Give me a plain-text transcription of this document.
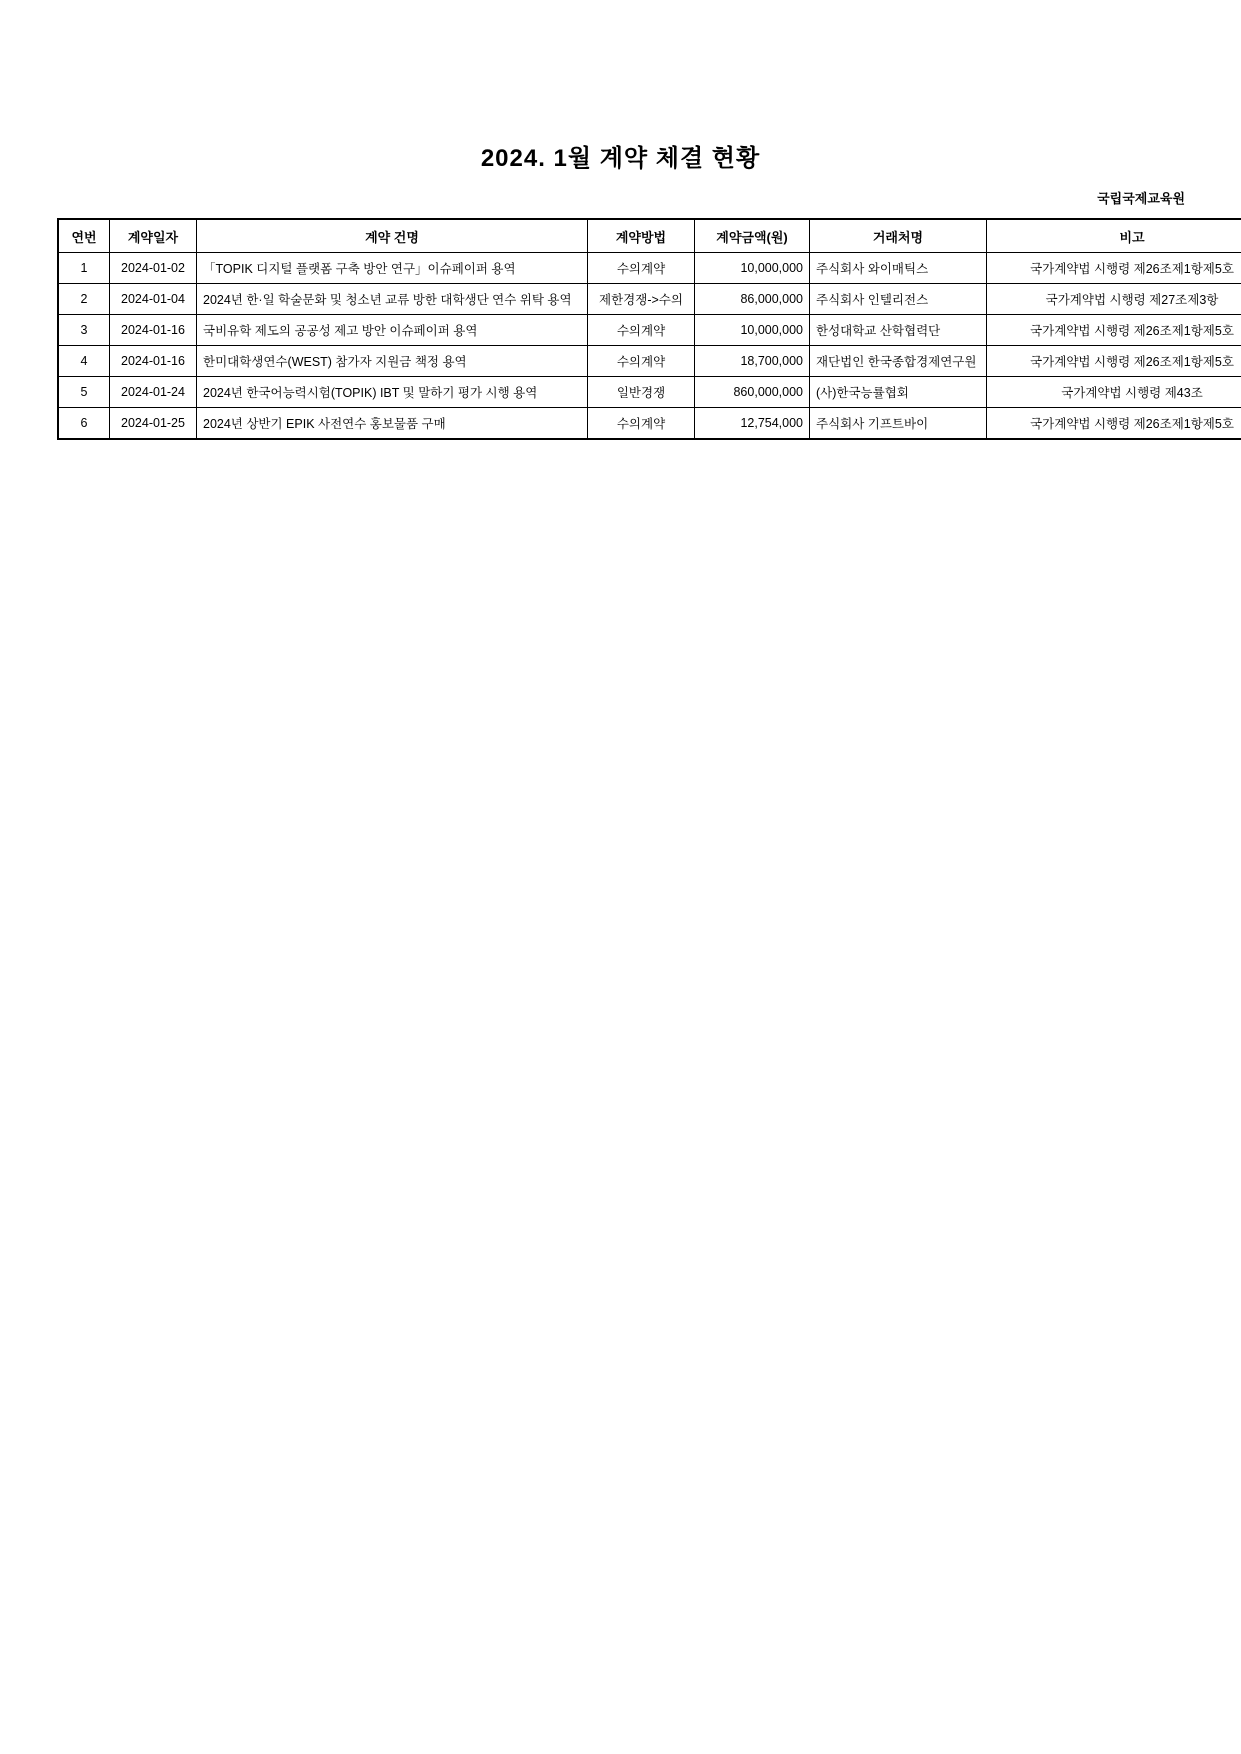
2024. 1월 계약 체결 현황
국립국제교육원
연번	계약일자	계약 건명	계약방법	계약금액(원)	거래처명	비고
1	2024-01-02	「TOPIK 디지털 플랫폼 구축 방안 연구」이슈페이퍼 용역	수의계약	10,000,000	주식회사 와이매틱스	국가계약법 시행령 제26조제1항제5호
2	2024-01-04	2024년 한·일 학술문화 및 청소년 교류 방한 대학생단 연수 위탁 용역	제한경쟁->수의	86,000,000	주식회사 인텔리전스	국가계약법 시행령 제27조제3항
3	2024-01-16	국비유학 제도의 공공성 제고 방안 이슈페이퍼 용역	수의계약	10,000,000	한성대학교 산학협력단	국가계약법 시행령 제26조제1항제5호
4	2024-01-16	한미대학생연수(WEST) 참가자 지원금 책정 용역	수의계약	18,700,000	재단법인 한국종합경제연구원	국가계약법 시행령 제26조제1항제5호
5	2024-01-24	2024년 한국어능력시험(TOPIK) IBT 및 말하기 평가 시행 용역	일반경쟁	860,000,000	(사)한국능률협회	국가계약법 시행령 제43조
6	2024-01-25	2024년 상반기 EPIK 사전연수 홍보물품 구매	수의계약	12,754,000	주식회사 기프트바이	국가계약법 시행령 제26조제1항제5호
